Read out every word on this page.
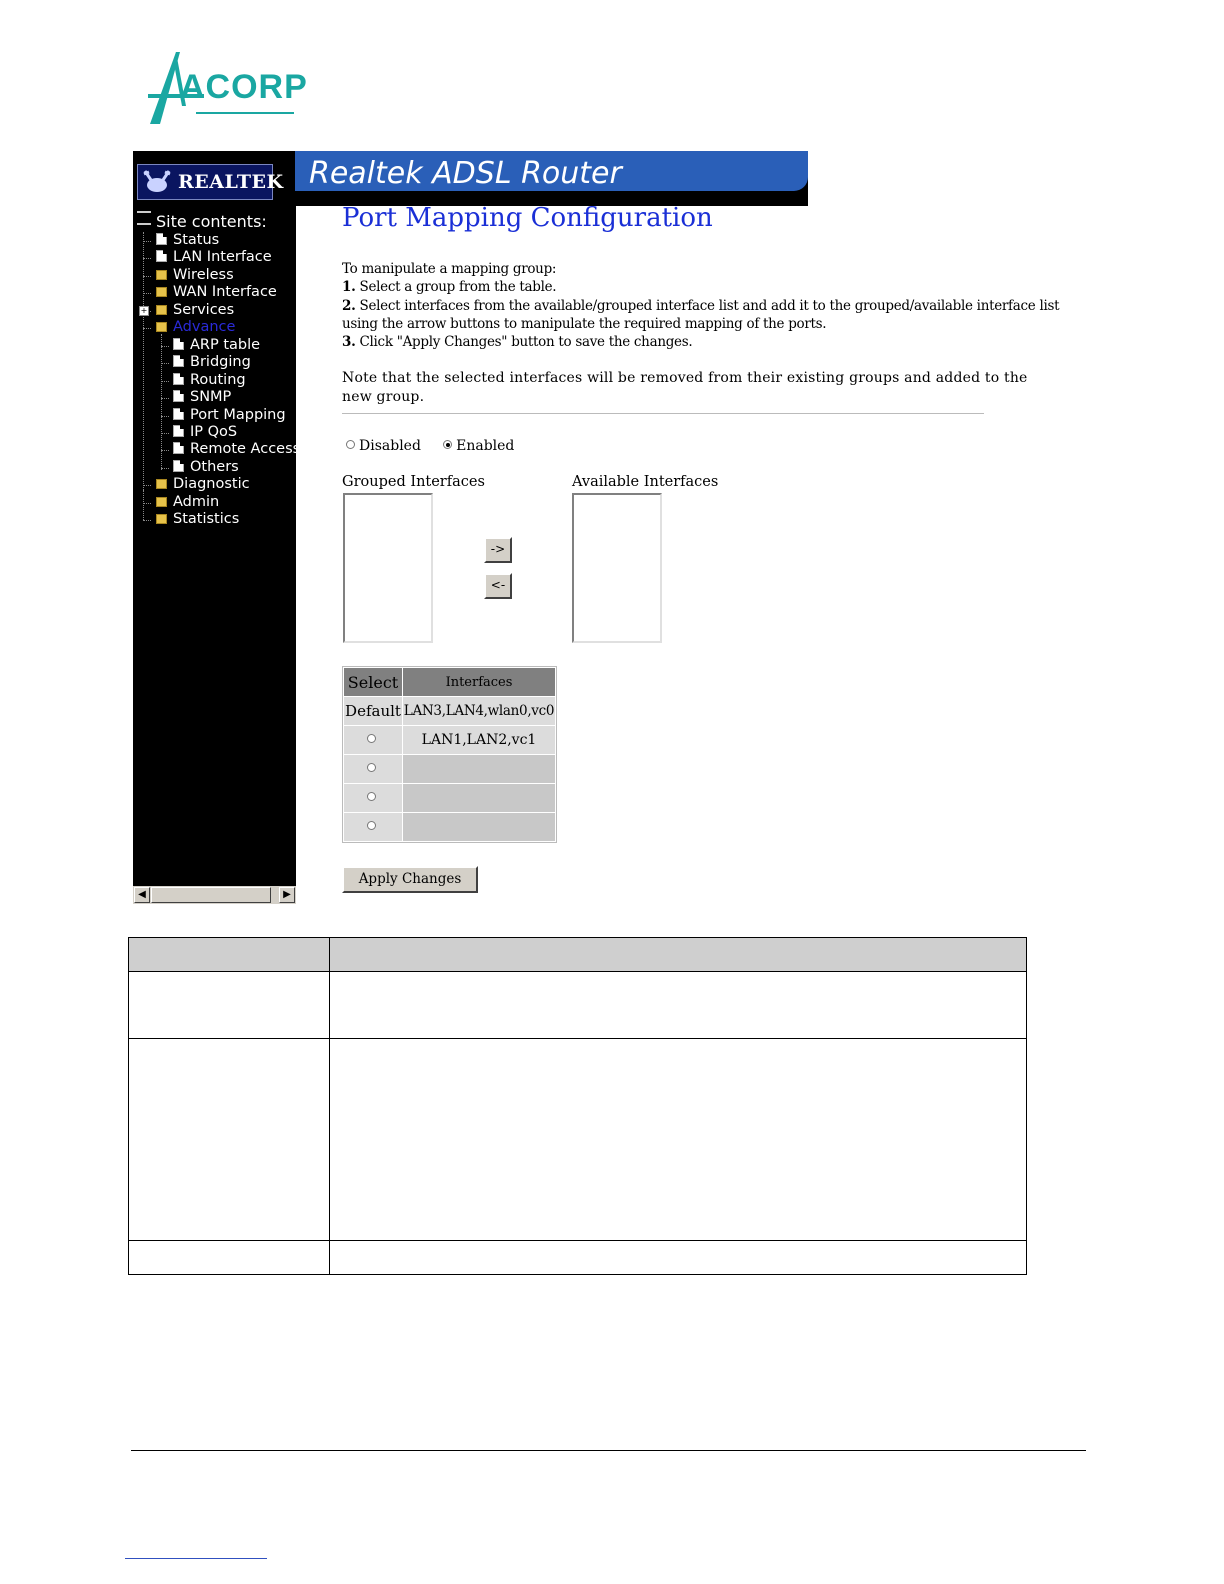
ACORP
REALTEK Realtek ADSL Router
Site contents:
Status
LAN Interface
Wireless
WAN Interface
Services
+
Advance
ARP table
Bridging
Routing
SNMP
Port Mapping
IP QoS
Remote Access
Others
Diagnostic
Admin
Statistics
◀	▶
Port Mapping Configuration
To manipulate a mapping group:
1. Select a group from the table.
2. Select interfaces from the available/grouped interface list and add it to the grouped/available interface list
using the arrow buttons to manipulate the required mapping of the ports.
3. Click "Apply Changes" button to save the changes.
Note that the selected interfaces will be removed from their existing groups and added to the
new group.
Disabled	Enabled
Grouped Interfaces	Available Interfaces
->
<-
Select	Interfaces
Default	LAN3,LAN4,wlan0,vc0
	LAN1,LAN2,vc1

Apply Changes
